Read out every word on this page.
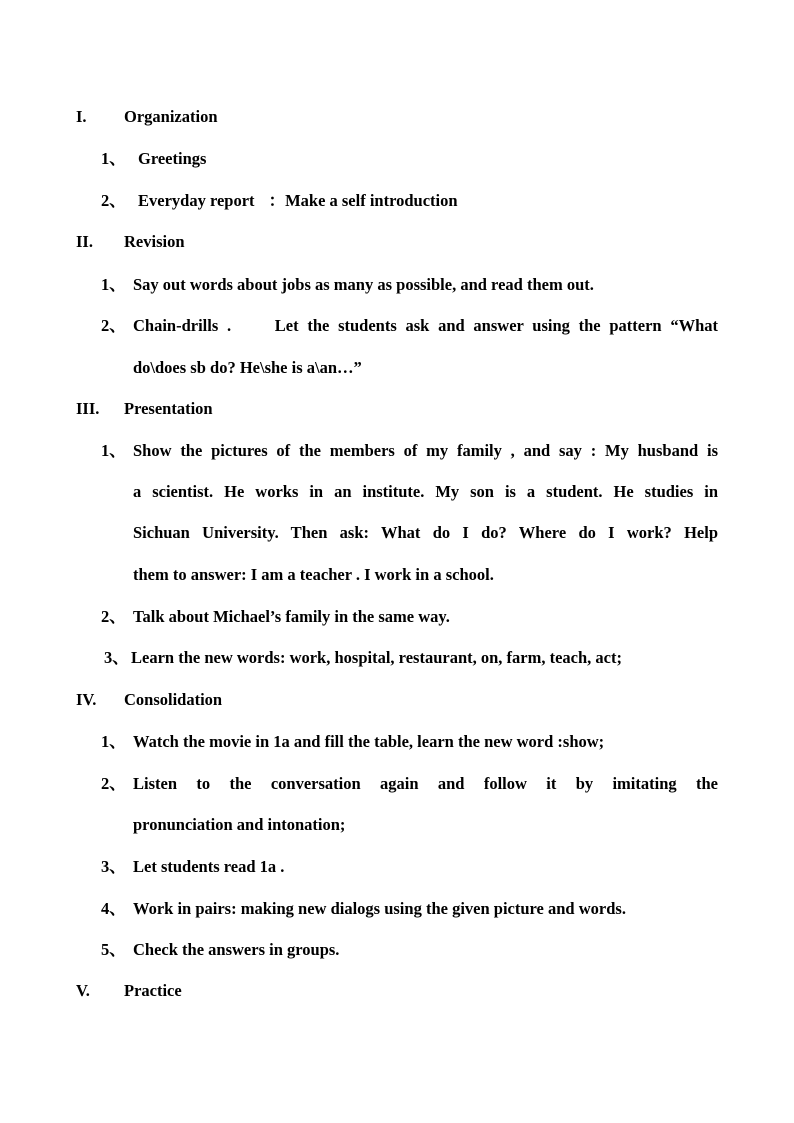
I. Organization
1、 Greetings
2、 Everyday report ：Make a self introduction
II. Revision
1、 Say out words about jobs as many as possible, and read them out.
2、 Chain-drills .     Let the students ask and answer using the pattern “What
do\does sb do? He\she is a\an…”
III. Presentation
1、 Show the pictures of the members of my family , and say : My husband is
a scientist. He works in an institute. My son is a student. He studies in
Sichuan University. Then ask: What do I do? Where do I work? Help
them to answer: I am a teacher . I work in a school.
2、 Talk about Michael’s family in the same way.
3、 Learn the new words: work, hospital, restaurant, on, farm, teach, act;
IV. Consolidation
1、 Watch the movie in 1a and fill the table, learn the new word :show;
2、 Listen to the conversation again and follow it by imitating the
pronunciation and intonation;
3、 Let students read 1a .
4、 Work in pairs: making new dialogs using the given picture and words.
5、 Check the answers in groups.
V. Practice
